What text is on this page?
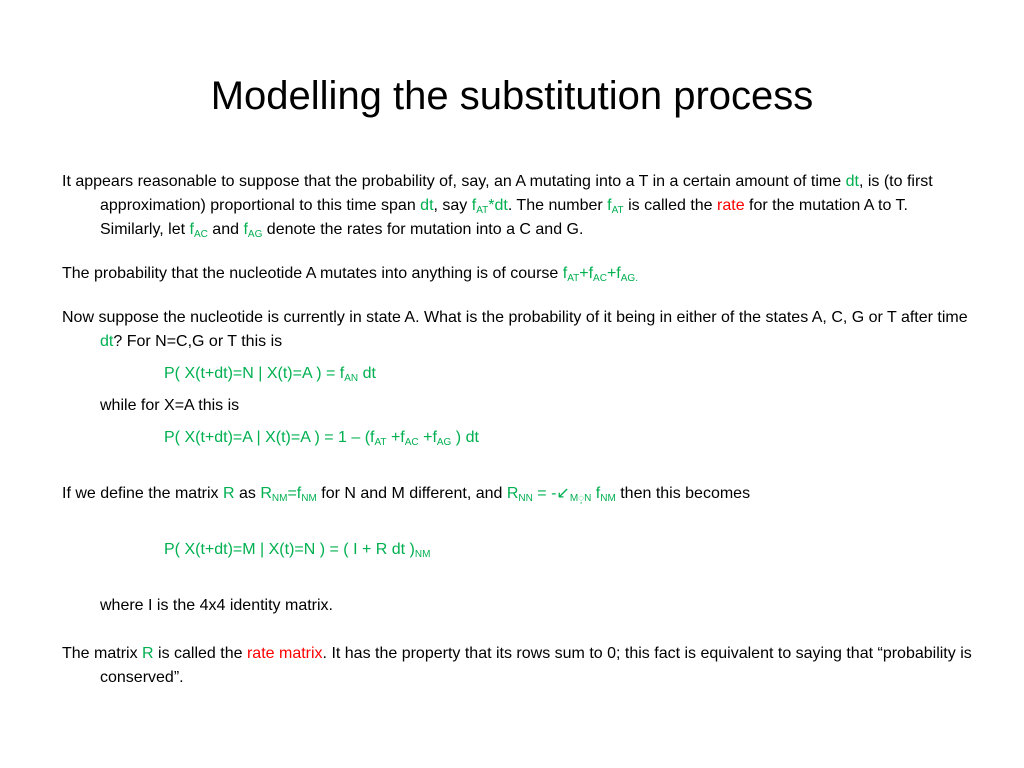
Modelling the substitution process

It appears reasonable to suppose that the probability of, say, an A mutating into a T in a certain amount of time dt, is (to first approximation) proportional to this time span dt, say $f_{AT}*dt$. The number $f_{AT}$ is called the rate for the mutation A to T. Similarly, let $f_{AC}$ and $f_{AG}$ denote the rates for mutation into a C and G.

The probability that the nucleotide A mutates into anything is of course $f_{AT}+f_{AC}+f_{AG.}$

Now suppose the nucleotide is currently in state A. What is the probability of it being in either of the states A, C, G or T after time dt? For N=C,G or T this is

P( X(t+dt)=N | X(t)=A ) = $f_{AN}$ dt

while for X=A this is

P( X(t+dt)=A | X(t)=A ) = $1 - (f_{AT} +f_{AC} +f_{AG}$ ) dt

If we define the matrix R as $R_{NM}=f_{NM}$ for N and M different, and $R_{NN}$ = $-↙_{M◌͙N}$ $f_{NM}$ then this becomes

P( X(t+dt)=M | X(t)=N ) = ( I + R dt )$_{NM}$

where I is the 4x4 identity matrix.

The matrix R is called the rate matrix. It has the property that its rows sum to 0; this fact is equivalent to saying that “probability is conserved”.
